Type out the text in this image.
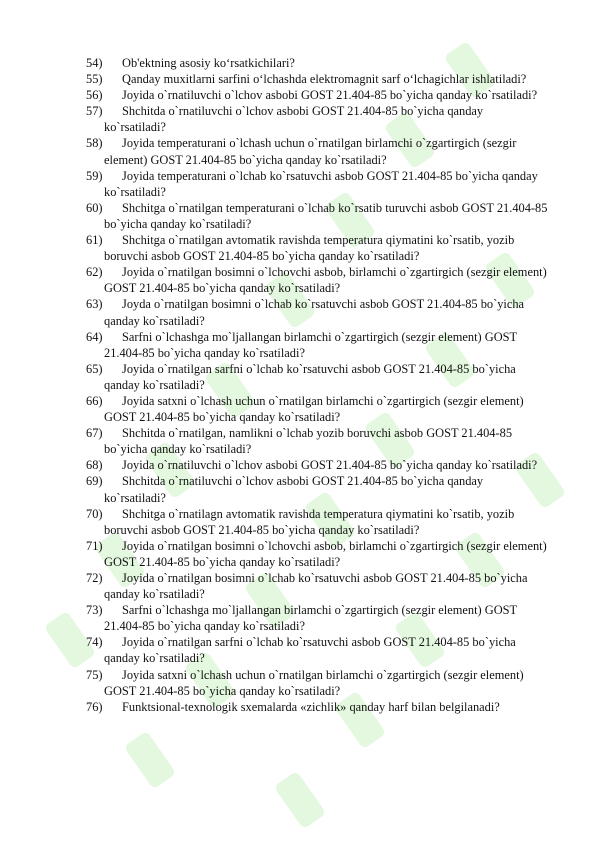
54) Ob'ektning asosiy ko‘rsatkichilari?
55) Qanday muxitlarni sarfini o‘lchashda elektromagnit sarf o‘lchagichlar ishlatiladi?
56) Joyida o`rnatiluvchi o`lchov asbobi GOST 21.404-85 bo`yicha qanday ko`rsatiladi?
57) Shchitda o`rnatiluvchi o`lchov asbobi GOST 21.404-85 bo`yicha qanday ko`rsatiladi?
58) Joyida temperaturani o`lchash uchun o`rnatilgan birlamchi o`zgartirgich (sezgir element) GOST 21.404-85 bo`yicha qanday ko`rsatiladi?
59) Joyida temperaturani o`lchab ko`rsatuvchi asbob GOST 21.404-85 bo`yicha qanday ko`rsatiladi?
60) Shchitga o`rnatilgan temperaturani o`lchab ko`rsatib turuvchi asbob GOST 21.404-85 bo`yicha qanday ko`rsatiladi?
61) Shchitga o`rnatilgan avtomatik ravishda temperatura qiymatini ko`rsatib, yozib boruvchi asbob GOST 21.404-85 bo`yicha qanday ko`rsatiladi?
62) Joyida o`rnatilgan bosimni o`lchovchi asbob, birlamchi o`zgartirgich (sezgir element) GOST 21.404-85 bo`yicha qanday ko`rsatiladi?
63) Joyda o`rnatilgan bosimni o`lchab ko`rsatuvchi asbob GOST 21.404-85 bo`yicha qanday ko`rsatiladi?
64) Sarfni o`lchashga mo`ljallangan birlamchi o`zgartirgich (sezgir element) GOST 21.404-85 bo`yicha qanday ko`rsatiladi?
65) Joyida o`rnatilgan sarfni o`lchab ko`rsatuvchi asbob GOST 21.404-85 bo`yicha qanday ko`rsatiladi?
66) Joyida satxni o`lchash uchun o`rnatilgan birlamchi o`zgartirgich (sezgir element) GOST 21.404-85 bo`yicha qanday ko`rsatiladi?
67) Shchitda o`rnatilgan, namlikni o`lchab yozib boruvchi asbob GOST 21.404-85 bo`yicha qanday ko`rsatiladi?
68) Joyida o`rnatiluvchi o`lchov asbobi GOST 21.404-85 bo`yicha qanday ko`rsatiladi?
69) Shchitda o`rnatiluvchi o`lchov asbobi GOST 21.404-85 bo`yicha qanday ko`rsatiladi?
70) Shchitga o`rnatilagn avtomatik ravishda temperatura qiymatini ko`rsatib, yozib boruvchi asbob GOST 21.404-85 bo`yicha qanday ko`rsatiladi?
71) Joyida o`rnatilgan bosimni o`lchovchi asbob, birlamchi o`zgartirgich (sezgir element) GOST 21.404-85 bo`yicha qanday ko`rsatiladi?
72) Joyida o`rnatilgan bosimni o`lchab ko`rsatuvchi asbob GOST 21.404-85 bo`yicha qanday ko`rsatiladi?
73) Sarfni o`lchashga mo`ljallangan birlamchi o`zgartirgich (sezgir element) GOST 21.404-85 bo`yicha qanday ko`rsatiladi?
74) Joyida o`rnatilgan sarfni o`lchab ko`rsatuvchi asbob GOST 21.404-85 bo`yicha qanday ko`rsatiladi?
75) Joyida satxni o`lchash uchun o`rnatilgan birlamchi o`zgartirgich (sezgir element) GOST 21.404-85 bo`yicha qanday ko`rsatiladi?
76) Funktsional-texnologik sxemalarda «zichlik» qanday harf bilan belgilanadi?
